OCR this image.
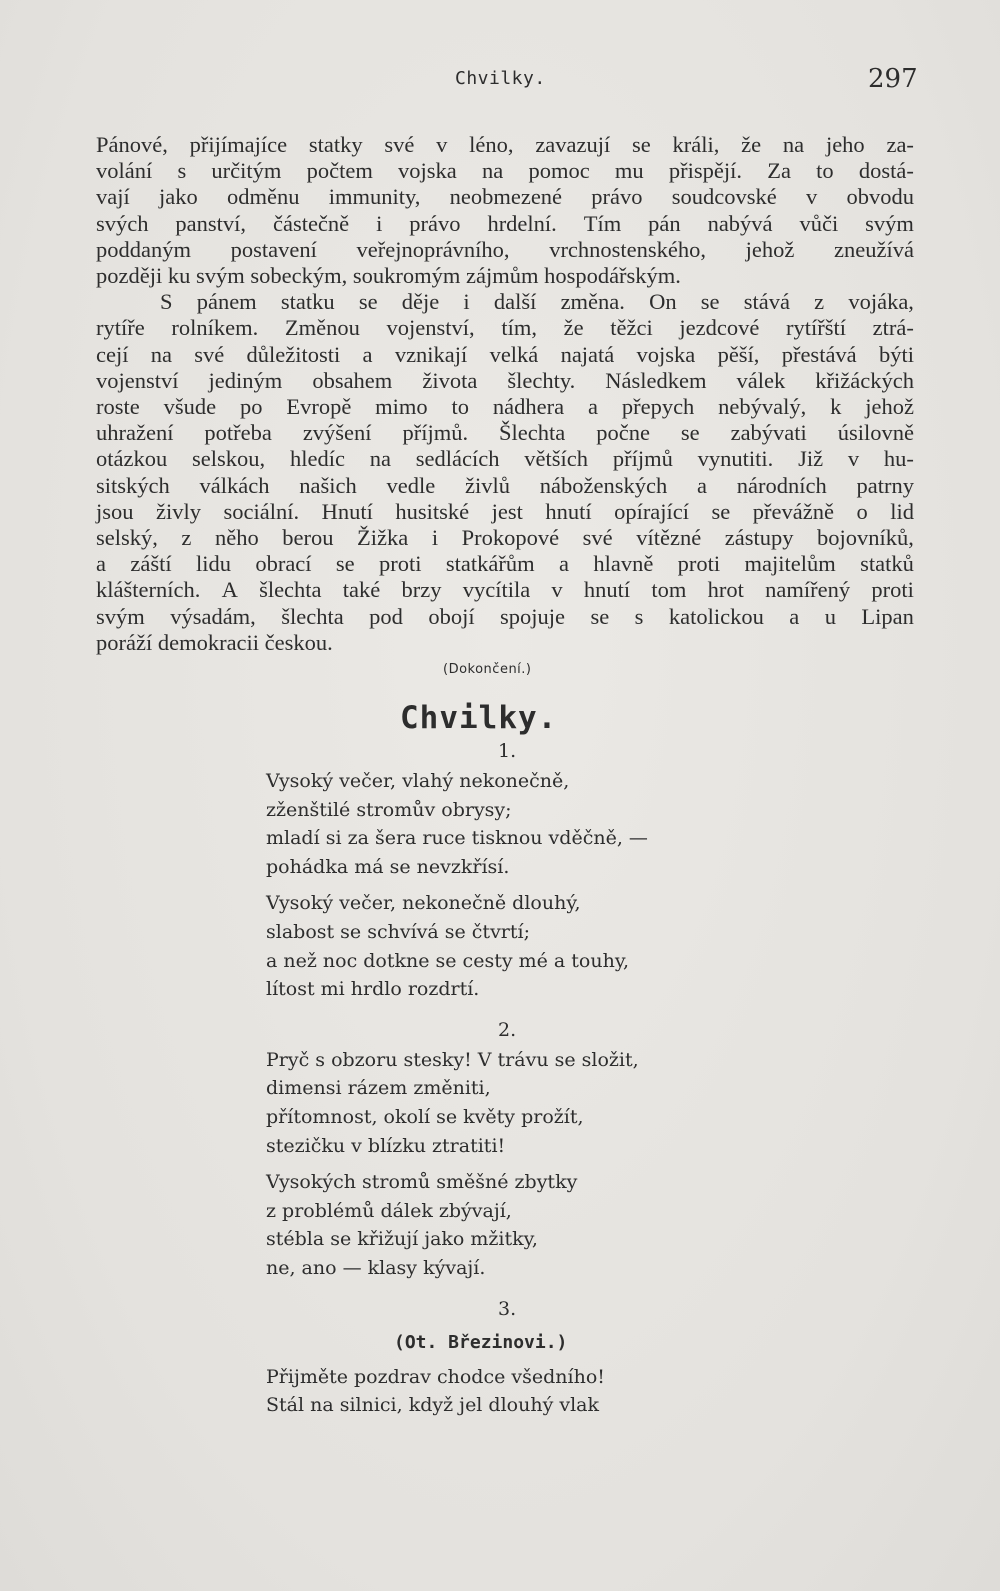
Chvilky.	297
Pánové, přijímajíce statky své v léno, zavazují se králi, že na jeho za-
volání s určitým počtem vojska na pomoc mu přispějí. Za to dostá-
vají jako odměnu immunity, neobmezené právo soudcovské v obvodu
svých panství, částečně i právo hrdelní. Tím pán nabývá vůči svým
poddaným postavení veřejnoprávního, vrchnostenského, jehož zneužívá
později ku svým sobeckým, soukromým zájmům hospodářským.
S pánem statku se děje i další změna. On se stává z vojáka,
rytíře rolníkem. Změnou vojenství, tím, že těžci jezdcové rytířští ztrá-
cejí na své důležitosti a vznikají velká najatá vojska pěší, přestává býti
vojenství jediným obsahem života šlechty. Následkem válek křižáckých
roste všude po Evropě mimo to nádhera a přepych nebývalý, k jehož
uhražení potřeba zvýšení příjmů. Šlechta počne se zabývati úsilovně
otázkou selskou, hledíc na sedlácích větších příjmů vynutiti. Již v hu-
sitských válkách našich vedle živlů náboženských a národních patrny
jsou živly sociální. Hnutí husitské jest hnutí opírající se převážně o lid
selský, z něho berou Žižka i Prokopové své vítězné zástupy bojovníků,
a záští lidu obrací se proti statkářům a hlavně proti majitelům statků
klášterních. A šlechta také brzy vycítila v hnutí tom hrot namířený proti
svým výsadám, šlechta pod obojí spojuje se s katolickou a u Lipan
poráží demokracii českou.
(Dokončení.)
Chvilky.
1.
Vysoký večer, vlahý nekonečně,
zženštilé stromův obrysy;
mladí si za šera ruce tisknou vděčně, —
pohádka má se nevzkřísí.
Vysoký večer, nekonečně dlouhý,
slabost se schvívá se čtvrtí;
a než noc dotkne se cesty mé a touhy,
lítost mi hrdlo rozdrtí.
2.
Pryč s obzoru stesky! V trávu se složit,
dimensi rázem změniti,
přítomnost, okolí se květy prožít,
stezičku v blízku ztratiti!
Vysokých stromů směšné zbytky
z problémů dálek zbývají,
stébla se křižují jako mžitky,
ne, ano — klasy kývají.
3.
(Ot. Březinovi.)
Přijměte pozdrav chodce všedního!
Stál na silnici, když jel dlouhý vlak
